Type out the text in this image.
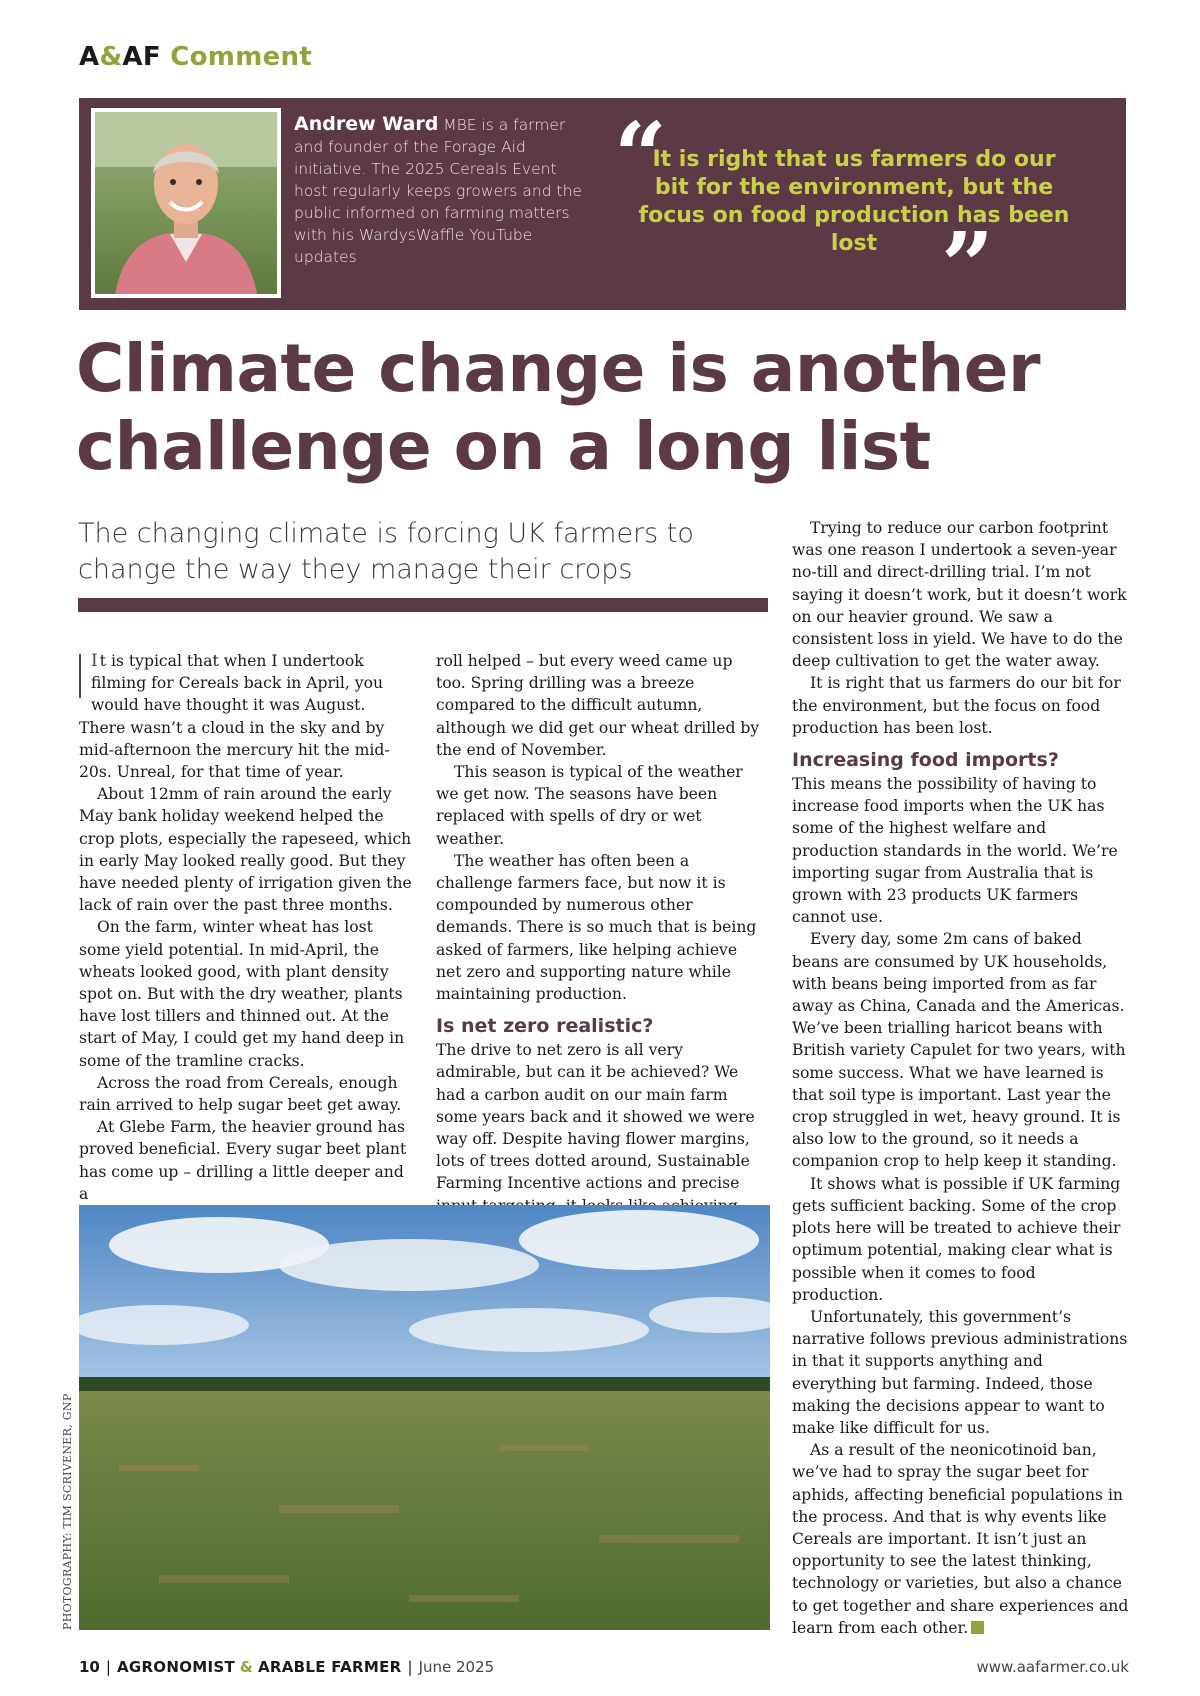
A&AF Comment
Andrew Ward MBE is a farmer and founder of the Forage Aid initiative. The 2025 Cereals Event host regularly keeps growers and the public informed on farming matters with his WardysWaffle YouTube updates
“
It is right that us farmers do our bit for the environment, but the focus on food production has been lost ”
Climate change is another challenge on a long list
The changing climate is forcing UK farmers to change the way they manage their crops

I t is typical that when I undertook filming for Cereals back in April, you would have thought it was August. There wasn’t a cloud in the sky and by mid-afternoon the mercury hit the mid-20s. Unreal, for that time of year.

About 12mm of rain around the early May bank holiday weekend helped the crop plots, especially the rapeseed, which in early May looked really good. But they have needed plenty of irrigation given the lack of rain over the past three months.

On the farm, winter wheat has lost some yield potential. In mid-April, the wheats looked good, with plant density spot on. But with the dry weather, plants have lost tillers and thinned out. At the start of May, I could get my hand deep in some of the tramline cracks.

Across the road from Cereals, enough rain arrived to help sugar beet get away.

At Glebe Farm, the heavier ground has proved beneficial. Every sugar beet plant has come up – drilling a little deeper and a

roll helped – but every weed came up too. Spring drilling was a breeze compared to the difficult autumn, although we did get our wheat drilled by the end of November.

This season is typical of the weather we get now. The seasons have been replaced with spells of dry or wet weather.

The weather has often been a challenge farmers face, but now it is compounded by numerous other demands. There is so much that is being asked of farmers, like helping achieve net zero and supporting nature while maintaining production.

Is net zero realistic?

The drive to net zero is all very admirable, but can it be achieved? We had a carbon audit on our main farm some years back and it showed we were way off. Despite having flower margins, lots of trees dotted around, Sustainable Farming Incentive actions and precise

Trying to reduce our carbon footprint was one reason I undertook a seven-year no-till and direct-drilling trial. I’m not saying it doesn’t work, but it doesn’t work on our heavier ground. We saw a consistent loss in yield. We have to do the deep cultivation to get the water away.

It is right that us farmers do our bit for the environment, but the focus on food production has been lost.

Increasing food imports?

This means the possibility of having to increase food imports when the UK has some of the highest welfare and production standards in the world. We’re importing sugar from Australia that is grown with 23 products UK farmers cannot use.

Every day, some 2m cans of baked beans are consumed by UK households, with beans being imported from as far away as China, Canada and the Americas. We’ve been trialling haricot beans with British variety Capulet for two years, with some success. What we have learned is that soil type is important. Last year the crop struggled in wet, heavy ground. It is also low to the ground, so it needs a companion crop to help keep it standing.

It shows what is possible if UK farming gets sufficient backing. Some of the crop plots here will be treated to achieve their optimum potential, making clear what is possible when it comes to food production.

Unfortunately, this government’s narrative follows previous administrations in that it supports anything and everything but farming. Indeed, those making the decisions appear to want to make like difficult for us.

As a result of the neonicotinoid ban, we’ve had to spray the sugar beet for aphids, affecting beneficial populations in the process. And that is why events like Cereals are important. It isn’t just an opportunity to see the latest thinking, technology or varieties, but also a chance to get together and share experiences and learn from each other.

PHOTOGRAPHY: TIM SCRIVENER, GNP
10 | AGRONOMIST & ARABLE FARMER | June 2025	www.aafarmer.co.uk
